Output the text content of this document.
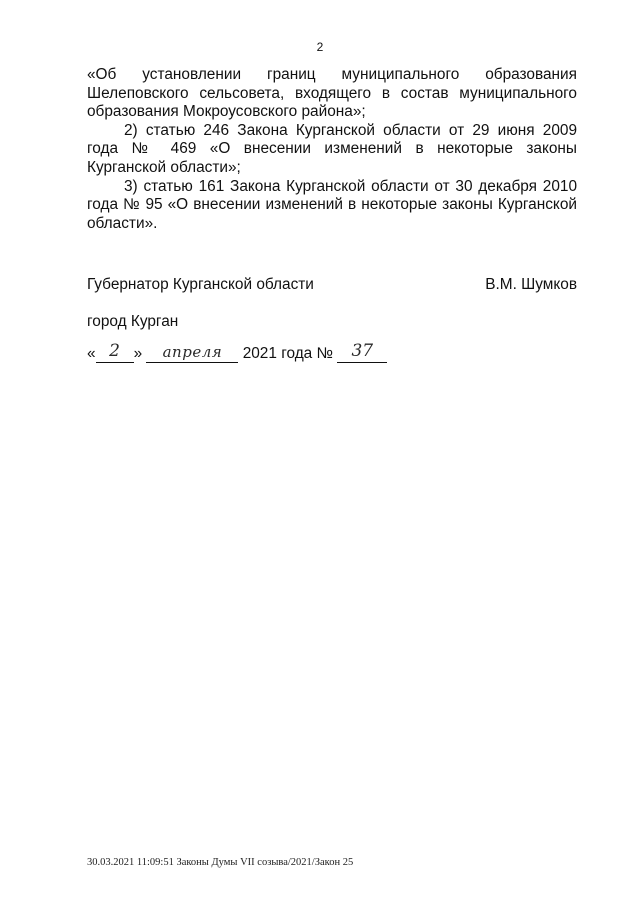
2

«Об установлении границ муниципального образования Шелеповского сельсовета, входящего в состав муниципального образования Мокроусовского района»;

2) статью 246 Закона Курганской области от 29 июня 2009 года № 469 «О внесении изменений в некоторые законы Курганской области»;

3) статью 161 Закона Курганской области от 30 декабря 2010 года № 95 «О внесении изменений в некоторые законы Курганской области».

Губернатор Курганской области	В.М. Шумков
город Курган
« 2 »	апреля	2021 года №	37
30.03.2021 11:09:51 Законы Думы VII созыва/2021/Закон 25
